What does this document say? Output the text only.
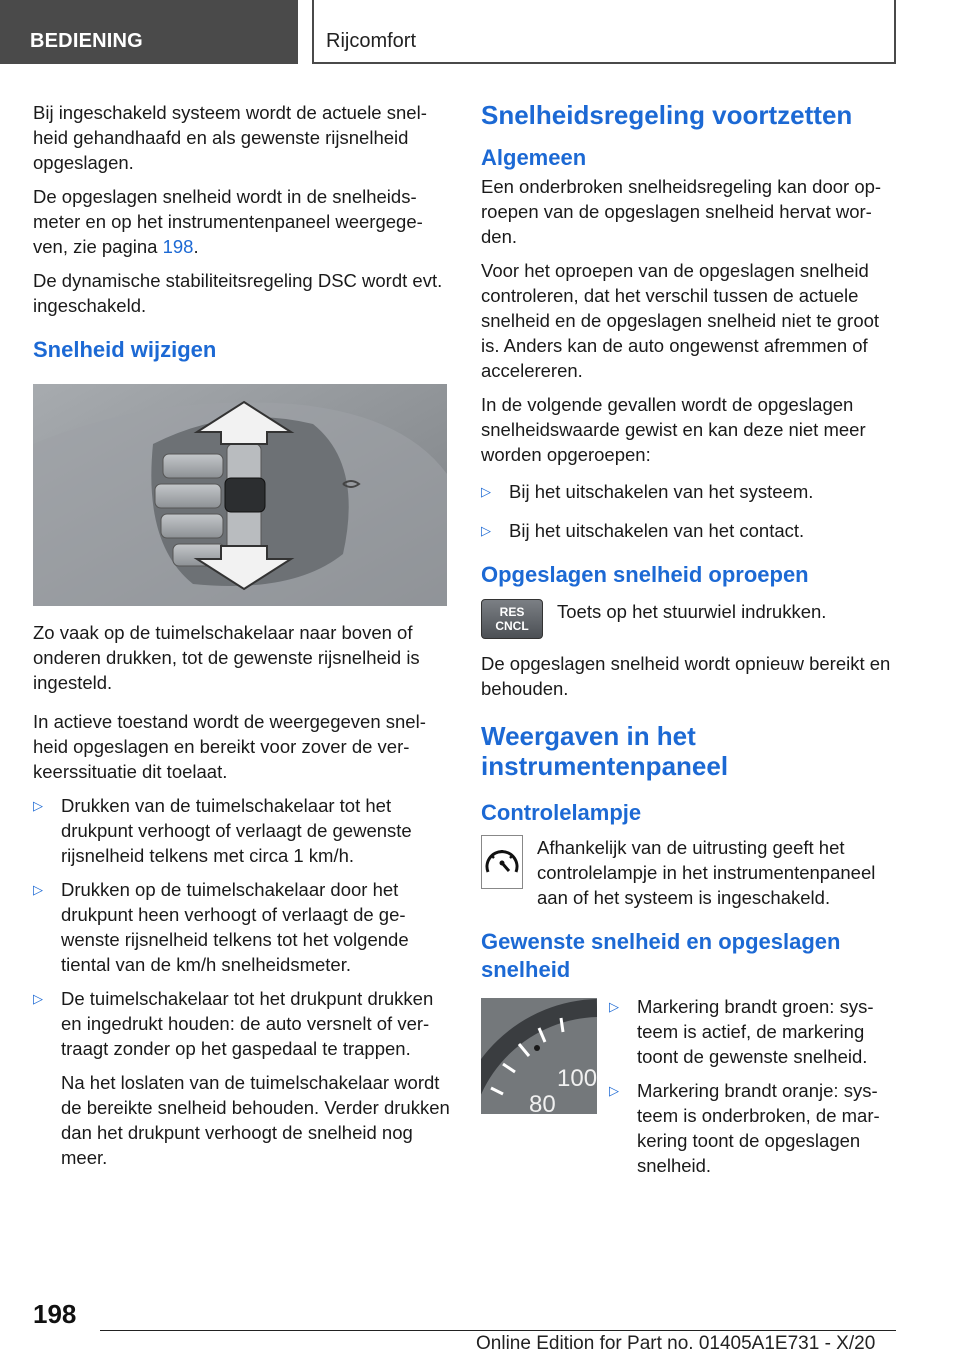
BEDIENING	Rijcomfort

Bij ingeschakeld systeem wordt de actuele snelheid gehandhaafd en als gewenste rijsnelheid opgeslagen.

De opgeslagen snelheid wordt in de snelheidsmeter en op het instrumentenpaneel weergegeven, zie pagina 198.

De dynamische stabiliteitsregeling DSC wordt evt. ingeschakeld.

Snelheid wijzigen

Zo vaak op de tuimelschakelaar naar boven of onderen drukken, tot de gewenste rijsnelheid is ingesteld.

In actieve toestand wordt de weergegeven snelheid opgeslagen en bereikt voor zover de verkeerssituatie dit toelaat.

▷ Drukken van de tuimelschakelaar tot het drukpunt verhoogt of verlaagt de gewenste rijsnelheid telkens met circa 1 km/h.
▷ Drukken op de tuimelschakelaar door het drukpunt heen verhoogt of verlaagt de gewenste rijsnelheid telkens tot het volgende tiental van de km/h snelheidsmeter.
▷ De tuimelschakelaar tot het drukpunt drukken en ingedrukt houden: de auto versnelt of vertraagt zonder op het gaspedaal te trappen.

Na het loslaten van de tuimelschakelaar wordt de bereikte snelheid behouden. Verder drukken dan het drukpunt verhoogt de snelheid nog meer.

Snelheidsregeling voortzetten
Algemeen

Een onderbroken snelheidsregeling kan door oproepen van de opgeslagen snelheid hervat worden.

Voor het oproepen van de opgeslagen snelheid controleren, dat het verschil tussen de actuele snelheid en de opgeslagen snelheid niet te groot is. Anders kan de auto ongewenst afremmen of accelereren.

In de volgende gevallen wordt de opgeslagen snelheidswaarde gewist en kan deze niet meer worden opgeroepen:

▷ Bij het uitschakelen van het systeem.
▷ Bij het uitschakelen van het contact.
Opgeslagen snelheid oproepen
RES
CNCL
Toets op het stuurwiel indrukken.

De opgeslagen snelheid wordt opnieuw bereikt en behouden.

Weergaven in het instrumentenpaneel
Controlelampje
Afhankelijk van de uitrusting geeft het controlelampje in het instrumentenpaneel aan of het systeem is ingeschakeld.
Gewenste snelheid en opgeslagen snelheid
100
80
▷ Markering brandt groen: systeem is actief, de markering toont de gewenste snelheid.
▷ Markering brandt oranje: systeem is onderbroken, de markering toont de opgeslagen snelheid.
198
Online Edition for Part no. 01405A1E731 - X/20
